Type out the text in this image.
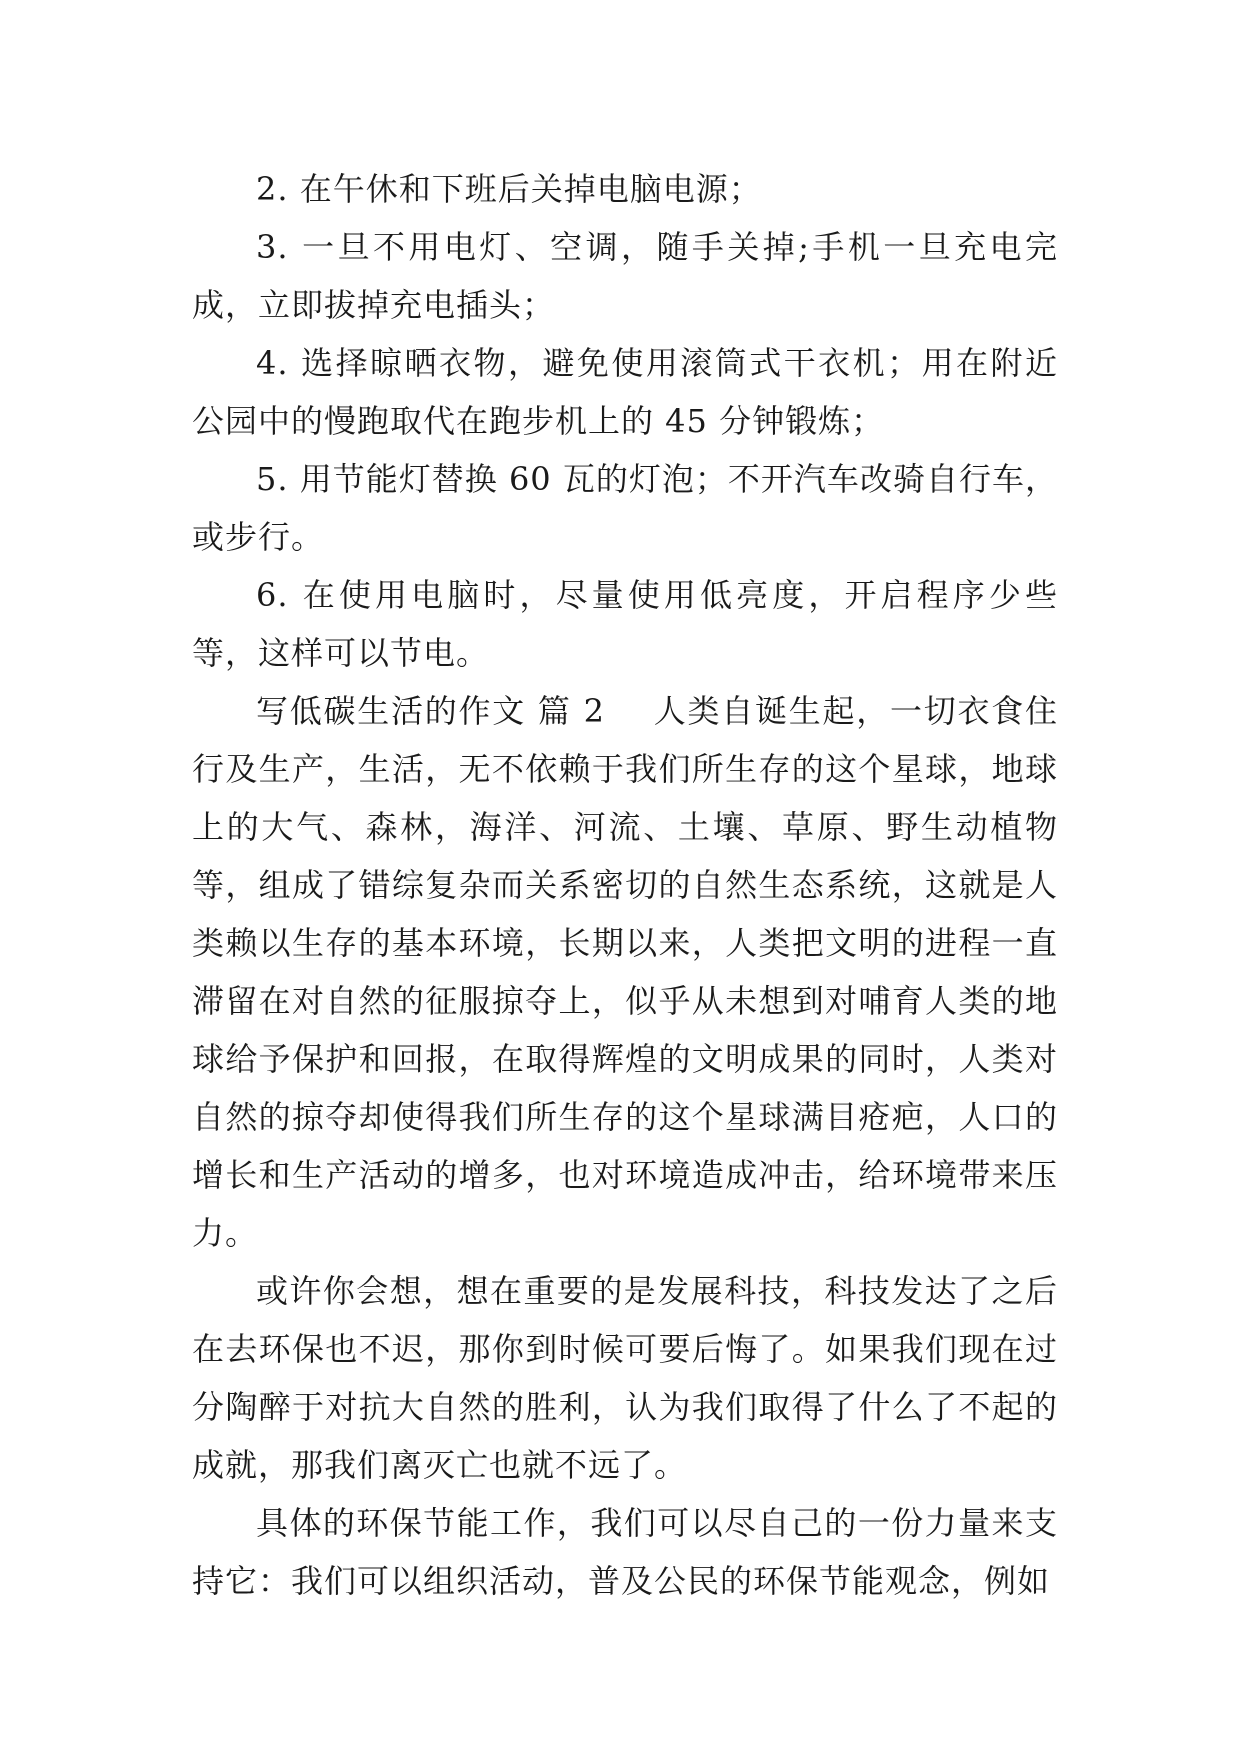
2. 在午休和下班后关掉电脑电源；

3. 一旦不用电灯、空调，随手关掉;手机一旦充电完成，立即拔掉充电插头；

4. 选择晾晒衣物，避免使用滚筒式干衣机；用在附近公园中的慢跑取代在跑步机上的 45 分钟锻炼；

5. 用节能灯替换 60 瓦的灯泡；不开汽车改骑自行车，或步行。

6. 在使用电脑时，尽量使用低亮度，开启程序少些等，这样可以节电。

写低碳生活的作文 篇 2 人类自诞生起，一切衣食住行及生产，生活，无不依赖于我们所生存的这个星球，地球上的大气、森林，海洋、河流、土壤、草原、野生动植物等，组成了错综复杂而关系密切的自然生态系统，这就是人类赖以生存的基本环境，长期以来，人类把文明的进程一直滞留在对自然的征服掠夺上，似乎从未想到对哺育人类的地球给予保护和回报，在取得辉煌的文明成果的同时，人类对自然的掠夺却使得我们所生存的这个星球满目疮疤，人口的增长和生产活动的增多，也对环境造成冲击，给环境带来压力。

或许你会想，想在重要的是发展科技，科技发达了之后在去环保也不迟，那你到时候可要后悔了。如果我们现在过分陶醉于对抗大自然的胜利，认为我们取得了什么了不起的成就，那我们离灭亡也就不远了。

具体的环保节能工作，我们可以尽自己的一份力量来支持它：我们可以组织活动，普及公民的环保节能观念，例如
